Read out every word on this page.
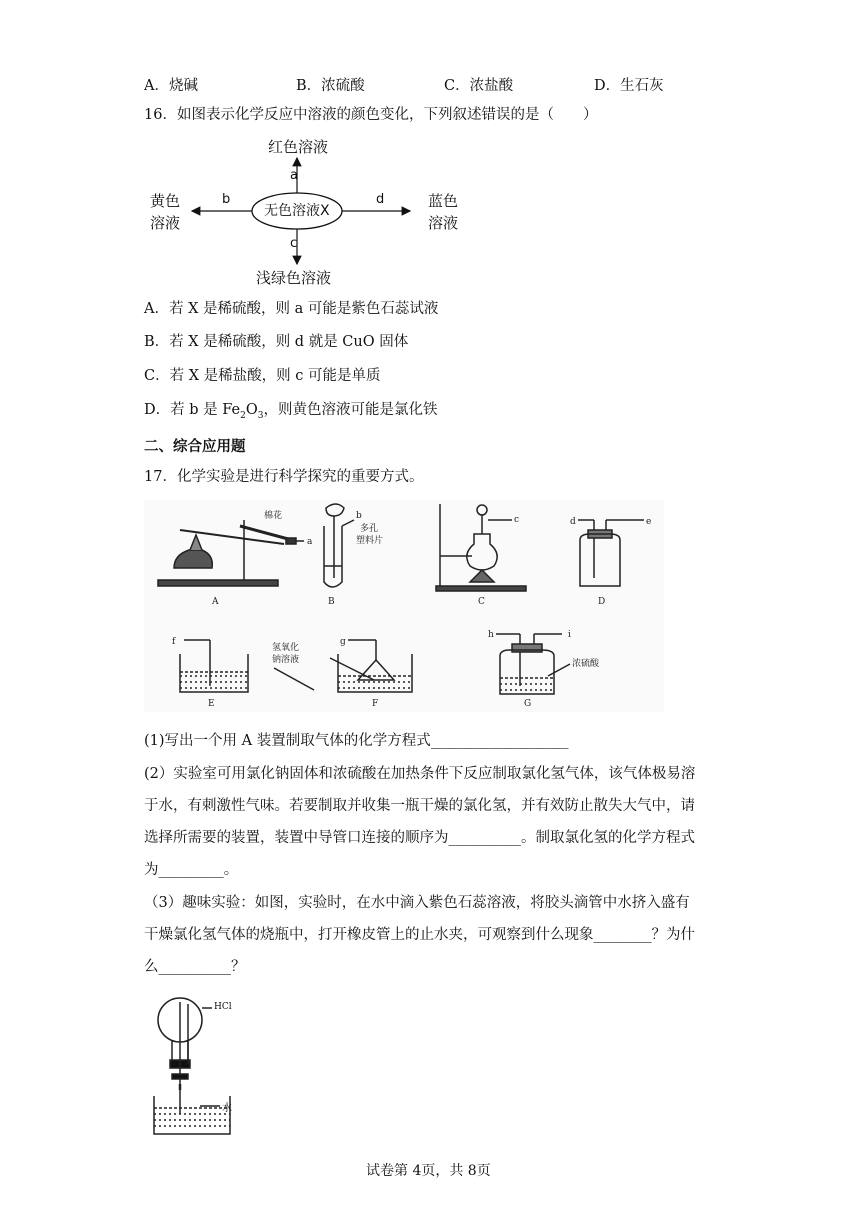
A．烧碱	B．浓硫酸	C．浓盐酸	D．生石灰
16．如图表示化学反应中溶液的颜色变化，下列叙述错误的是（　　）
红色溶液
浅绿色溶液
无色溶液X
黄色
溶液
蓝色
溶液
a
c
b	d
A．若 X 是稀硫酸，则 a 可能是紫色石蕊试液
B．若 X 是稀硫酸，则 d 就是 CuO 固体
C．若 X 是稀盐酸，则 c 可能是单质
D．若 b 是 $Fe_2O_3$，则黄色溶液可能是氯化铁
二、综合应用题
17．化学实验是进行科学探究的重要方式。
棉花
a
A
b
多孔
塑料片
B
c
C
d	e
D
f
E
g
氢氧化
钠溶液
F
h	i
浓硫酸
G
(1)写出一个用 A 装置制取气体的化学方程式___________________
(2）实验室可用氯化钠固体和浓硫酸在加热条件下反应制取氯化氢气体，该气体极易溶
于水，有刺激性气味。若要制取并收集一瓶干燥的氯化氢，并有效防止散失大气中，请
选择所需要的装置，装置中导管口连接的顺序为__________。制取氯化氢的化学方程式
为_________。
（3）趣味实验：如图，实验时，在水中滴入紫色石蕊溶液，将胶头滴管中水挤入盛有
干燥氯化氢气体的烧瓶中，打开橡皮管上的止水夹，可观察到什么现象________？为什
么__________？
HCl
水
试卷第 4页，共 8页
